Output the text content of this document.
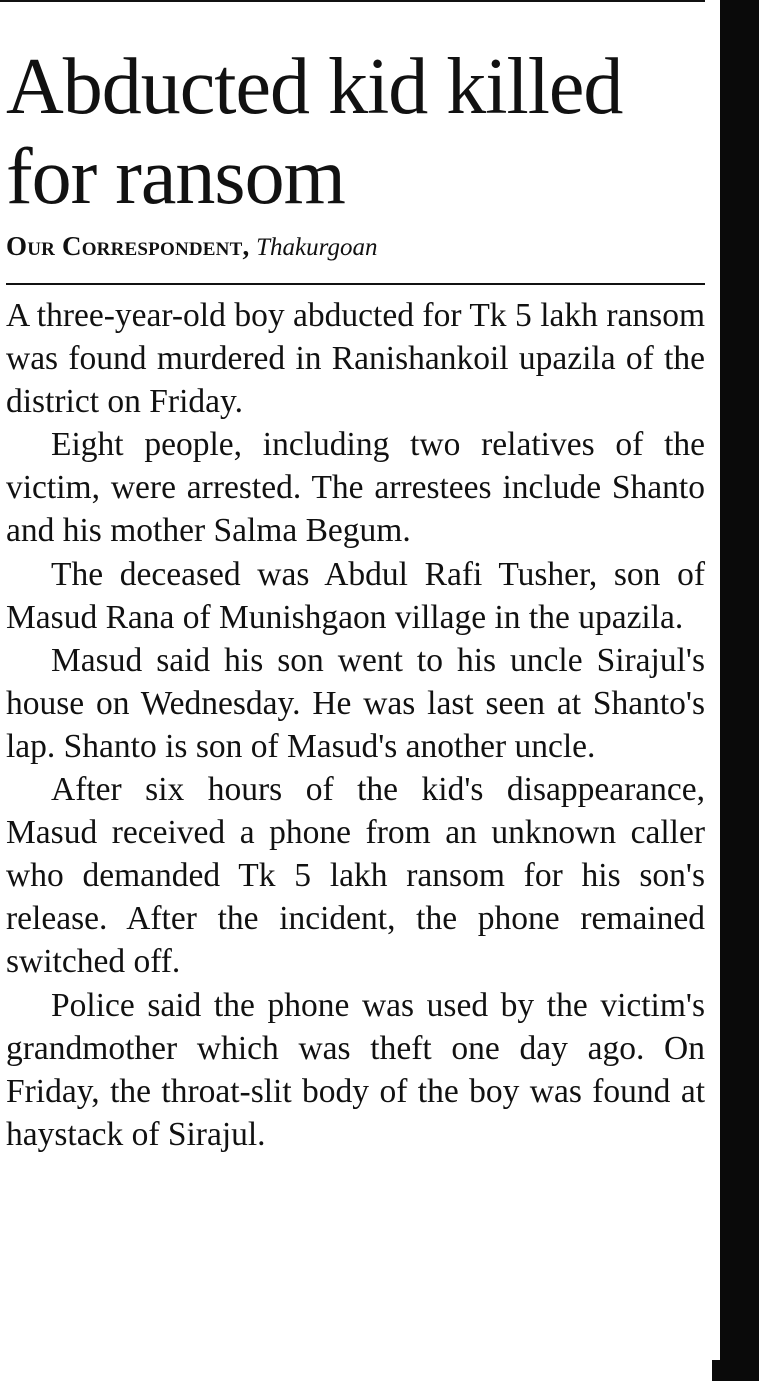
Abducted kid killed
for ransom
Our Correspondent, Thakurgoan

A three-year-old boy abducted for Tk 5 lakh ransom was found murdered in Ranishankoil upazila of the district on Friday.

Eight people, including two relatives of the victim, were arrested. The arrestees include Shanto and his mother Salma Begum.

The deceased was Abdul Rafi Tusher, son of Masud Rana of Munishgaon village in the upazila.

Masud said his son went to his uncle Sirajul's house on Wednesday. He was last seen at Shanto's lap. Shanto is son of Masud's another uncle.

After six hours of the kid's disappearance, Masud received a phone from an unknown caller who demanded Tk 5 lakh ransom for his son's release. After the incident, the phone remained switched off.

Police said the phone was used by the victim's grandmother which was theft one day ago. On Friday, the throat-slit body of the boy was found at haystack of Sirajul.
